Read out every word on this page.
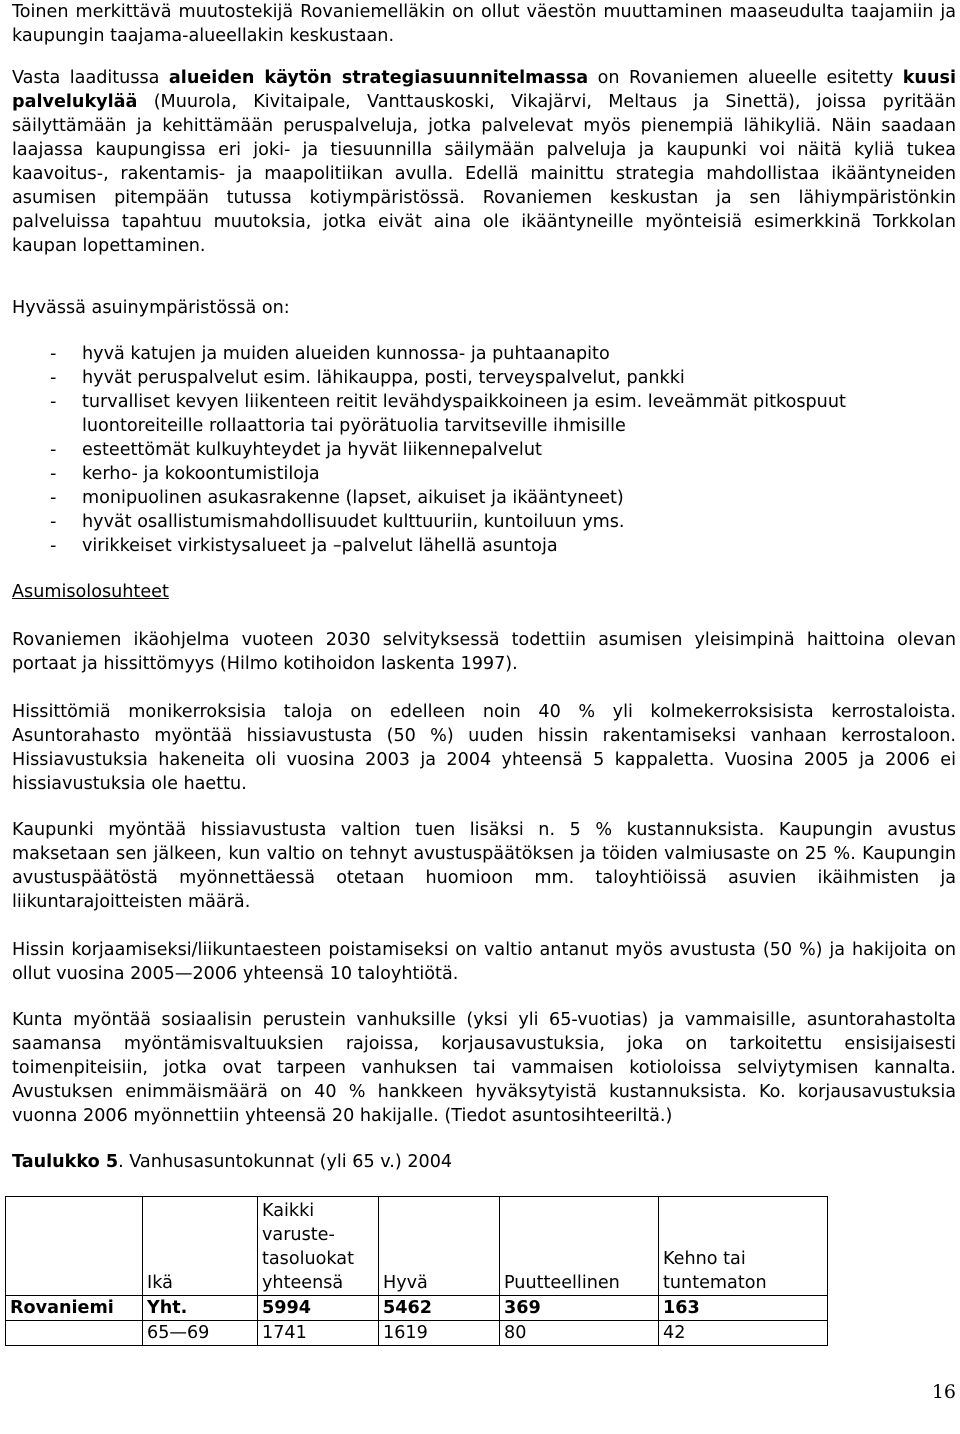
Toinen merkittävä muutostekijä Rovaniemelläkin on ollut väestön muuttaminen maaseudulta taajamiin ja kaupungin taajama-alueellakin keskustaan.

Vasta laaditussa alueiden käytön strategiasuunnitelmassa on Rovaniemen alueelle esitetty kuusi palvelukylää (Muurola, Kivitaipale, Vanttauskoski, Vikajärvi, Meltaus ja Sinettä), joissa pyritään säilyttämään ja kehittämään peruspalveluja, jotka palvelevat myös pienempiä lähikyliä. Näin saadaan laajassa kaupungissa eri joki- ja tiesuunnilla säilymään palveluja ja kaupunki voi näitä kyliä tukea kaavoitus-, rakentamis- ja maapolitiikan avulla. Edellä mainittu strategia mahdollistaa ikääntyneiden asumisen pitempään tutussa kotiympäristössä. Rovaniemen keskustan ja sen lähiympäristönkin palveluissa tapahtuu muutoksia, jotka eivät aina ole ikääntyneille myönteisiä esimerkkinä Torkkolan kaupan lopettaminen.

Hyvässä asuinympäristössä on:

- hyvä katujen ja muiden alueiden kunnossa- ja puhtaanapito
- hyvät peruspalvelut esim. lähikauppa, posti, terveyspalvelut, pankki
- turvalliset kevyen liikenteen reitit levähdyspaikkoineen ja esim. leveämmät pitkospuut luontoreiteille rollaattoria tai pyörätuolia tarvitseville ihmisille
- esteettömät kulkuyhteydet ja hyvät liikennepalvelut
- kerho- ja kokoontumistiloja
- monipuolinen asukasrakenne (lapset, aikuiset ja ikääntyneet)
- hyvät osallistumismahdollisuudet kulttuuriin, kuntoiluun yms.
- virikkeiset virkistysalueet ja –palvelut lähellä asuntoja

Asumisolosuhteet

Rovaniemen ikäohjelma vuoteen 2030 selvityksessä todettiin asumisen yleisimpinä haittoina olevan portaat ja hissittömyys (Hilmo kotihoidon laskenta 1997).

Hissittömiä monikerroksisia taloja on edelleen noin 40 % yli kolmekerroksisista kerrostaloista. Asuntorahasto myöntää hissiavustusta (50 %) uuden hissin rakentamiseksi vanhaan kerrostaloon. Hissiavustuksia hakeneita oli vuosina 2003 ja 2004 yhteensä 5 kappaletta. Vuosina 2005 ja 2006 ei hissiavustuksia ole haettu.

Kaupunki myöntää hissiavustusta valtion tuen lisäksi n. 5 % kustannuksista. Kaupungin avustus maksetaan sen jälkeen, kun valtio on tehnyt avustuspäätöksen ja töiden valmiusaste on 25 %. Kaupungin avustuspäätöstä myönnettäessä otetaan huomioon mm. taloyhtiöissä asuvien ikäihmisten ja liikuntarajoitteisten määrä.

Hissin korjaamiseksi/liikuntaesteen poistamiseksi on valtio antanut myös avustusta (50 %) ja hakijoita on ollut vuosina 2005—2006 yhteensä 10 taloyhtiötä.

Kunta myöntää sosiaalisin perustein vanhuksille (yksi yli 65-vuotias) ja vammaisille, asuntorahastolta saamansa myöntämisvaltuuksien rajoissa, korjausavustuksia, joka on tarkoitettu ensisijaisesti toimenpiteisiin, jotka ovat tarpeen vanhuksen tai vammaisen kotioloissa selviytymisen kannalta. Avustuksen enimmäismäärä on 40 % hankkeen hyväksytyistä kustannuksista. Ko. korjausavustuksia vuonna 2006 myönnettiin yhteensä 20 hakijalle. (Tiedot asuntosihteeriltä.)

Taulukko 5. Vanhusasuntokunnat (yli 65 v.) 2004

	Ikä	Kaikki varuste-tasoluokat yhteensä	Hyvä	Puutteellinen	Kehno tai tuntematon
Rovaniemi	Yht.	5994	5462	369	163
	65—69	1741	1619	80	42
16
